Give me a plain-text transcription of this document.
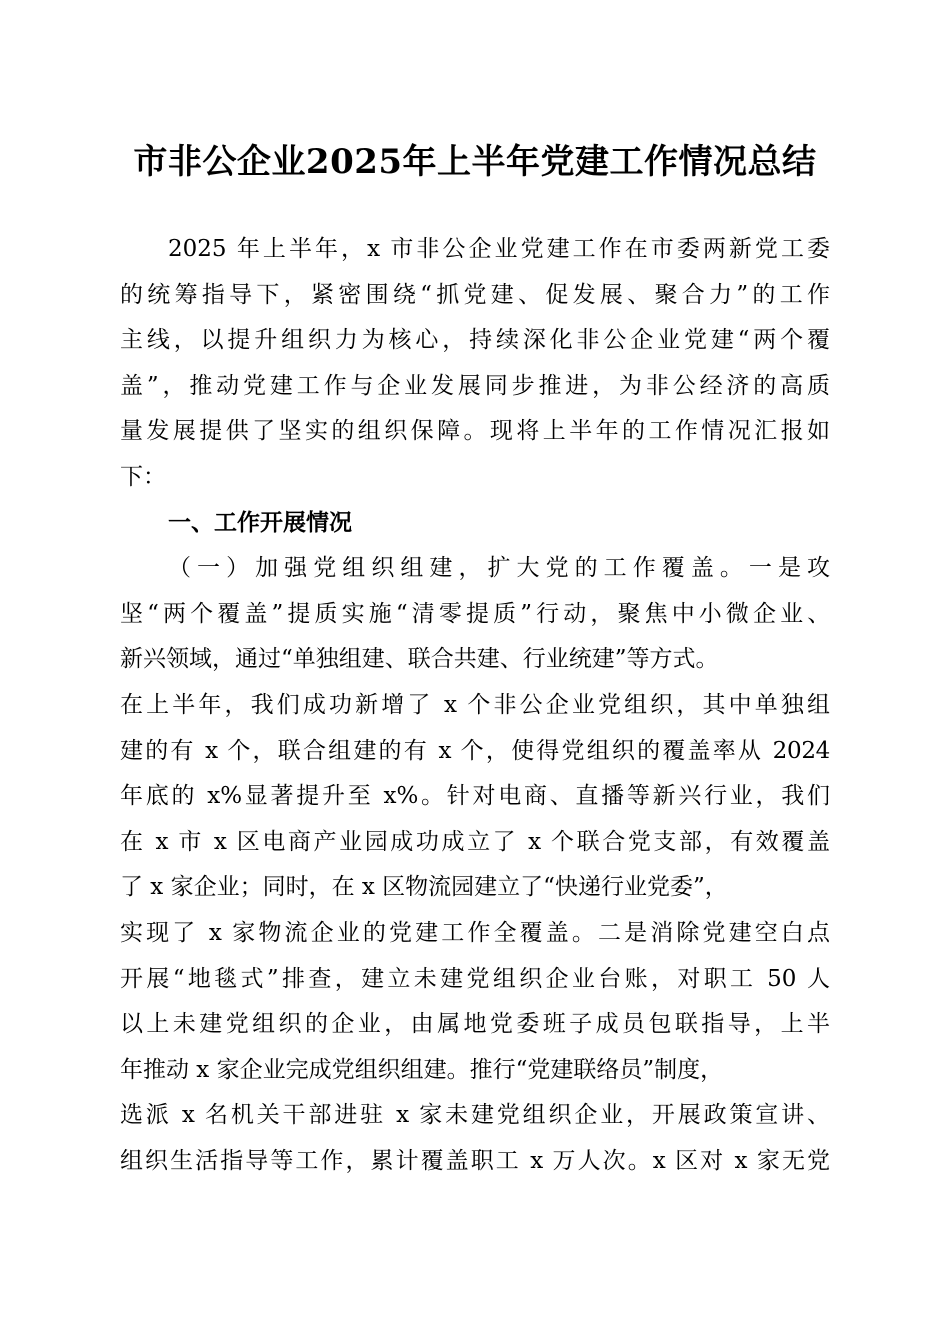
市非公企业2025年上半年党建工作情况总结
2025 年上半年，x 市非公企业党建工作在市委两新党工委
的统筹指导下，紧密围绕“抓党建、促发展、聚合力”的工作
主线，以提升组织力为核心，持续深化非公企业党建“两个覆
盖”，推动党建工作与企业发展同步推进，为非公经济的高质
量发展提供了坚实的组织保障。现将上半年的工作情况汇报如
下：
一、工作开展情况
（一）加强党组织组建，扩大党的工作覆盖。一是攻
坚“两个覆盖”提质实施“清零提质”行动，聚焦中小微企业、
新兴领域，通过“单独组建、联合共建、行业统建”等方式。
在上半年，我们成功新增了 x 个非公企业党组织，其中单独组
建的有 x 个，联合组建的有 x 个，使得党组织的覆盖率从 2024
年底的 x%显著提升至 x%。针对电商、直播等新兴行业，我们
在 x 市 x 区电商产业园成功成立了 x 个联合党支部，有效覆盖
了 x 家企业；同时，在 x 区物流园建立了“快递行业党委”，
实现了 x 家物流企业的党建工作全覆盖。二是消除党建空白点
开展“地毯式”排查，建立未建党组织企业台账，对职工 50 人
以上未建党组织的企业，由属地党委班子成员包联指导，上半
年推动 x 家企业完成党组织组建。推行“党建联络员”制度，
选派 x 名机关干部进驻 x 家未建党组织企业，开展政策宣讲、
组织生活指导等工作，累计覆盖职工 x 万人次。x 区对 x 家无党
